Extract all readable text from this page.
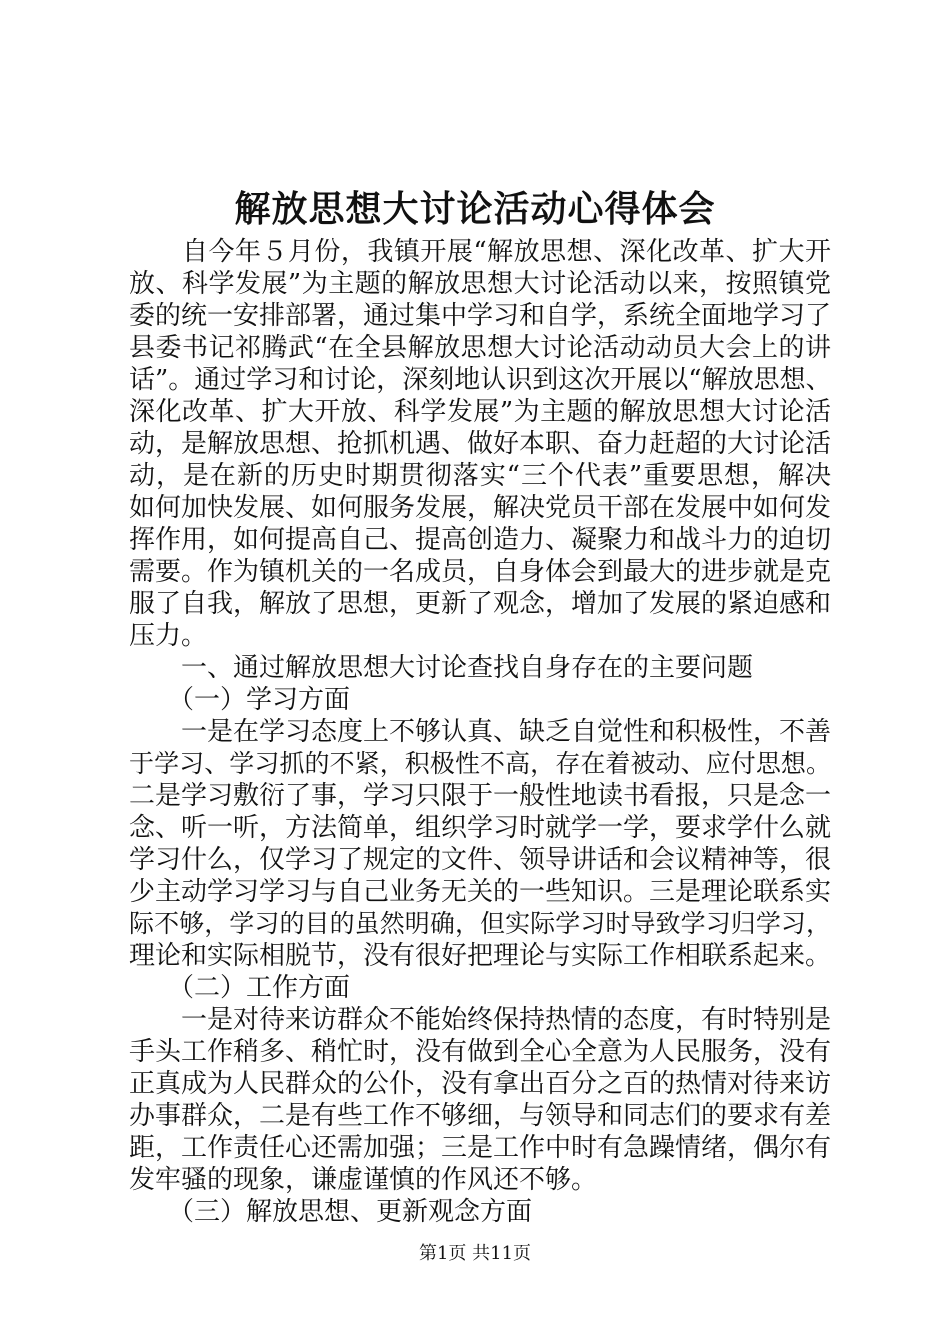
解放思想大讨论活动心得体会
　　自今年５月份，我镇开展“解放思想、深化改革、扩大开
放、科学发展”为主题的解放思想大讨论活动以来，按照镇党
委的统一安排部署，通过集中学习和自学，系统全面地学习了
县委书记祁腾武“在全县解放思想大讨论活动动员大会上的讲
话”。通过学习和讨论，深刻地认识到这次开展以“解放思想、
深化改革、扩大开放、科学发展”为主题的解放思想大讨论活
动，是解放思想、抢抓机遇、做好本职、奋力赶超的大讨论活
动，是在新的历史时期贯彻落实“三个代表”重要思想，解决
如何加快发展、如何服务发展，解决党员干部在发展中如何发
挥作用，如何提高自己、提高创造力、凝聚力和战斗力的迫切
需要。作为镇机关的一名成员，自身体会到最大的进步就是克
服了自我，解放了思想，更新了观念，增加了发展的紧迫感和
压力。
　　一、通过解放思想大讨论查找自身存在的主要问题
　　（一）学习方面
　　一是在学习态度上不够认真、缺乏自觉性和积极性，不善
于学习、学习抓的不紧，积极性不高，存在着被动、应付思想。
二是学习敷衍了事，学习只限于一般性地读书看报，只是念一
念、听一听，方法简单，组织学习时就学一学，要求学什么就
学习什么，仅学习了规定的文件、领导讲话和会议精神等，很
少主动学习学习与自己业务无关的一些知识。三是理论联系实
际不够，学习的目的虽然明确，但实际学习时导致学习归学习，
理论和实际相脱节，没有很好把理论与实际工作相联系起来。
　　（二）工作方面
　　一是对待来访群众不能始终保持热情的态度，有时特别是
手头工作稍多、稍忙时，没有做到全心全意为人民服务，没有
正真成为人民群众的公仆，没有拿出百分之百的热情对待来访
办事群众，二是有些工作不够细，与领导和同志们的要求有差
距，工作责任心还需加强；三是工作中时有急躁情绪，偶尔有
发牢骚的现象，谦虚谨慎的作风还不够。
　　（三）解放思想、更新观念方面
第1页 共11页
